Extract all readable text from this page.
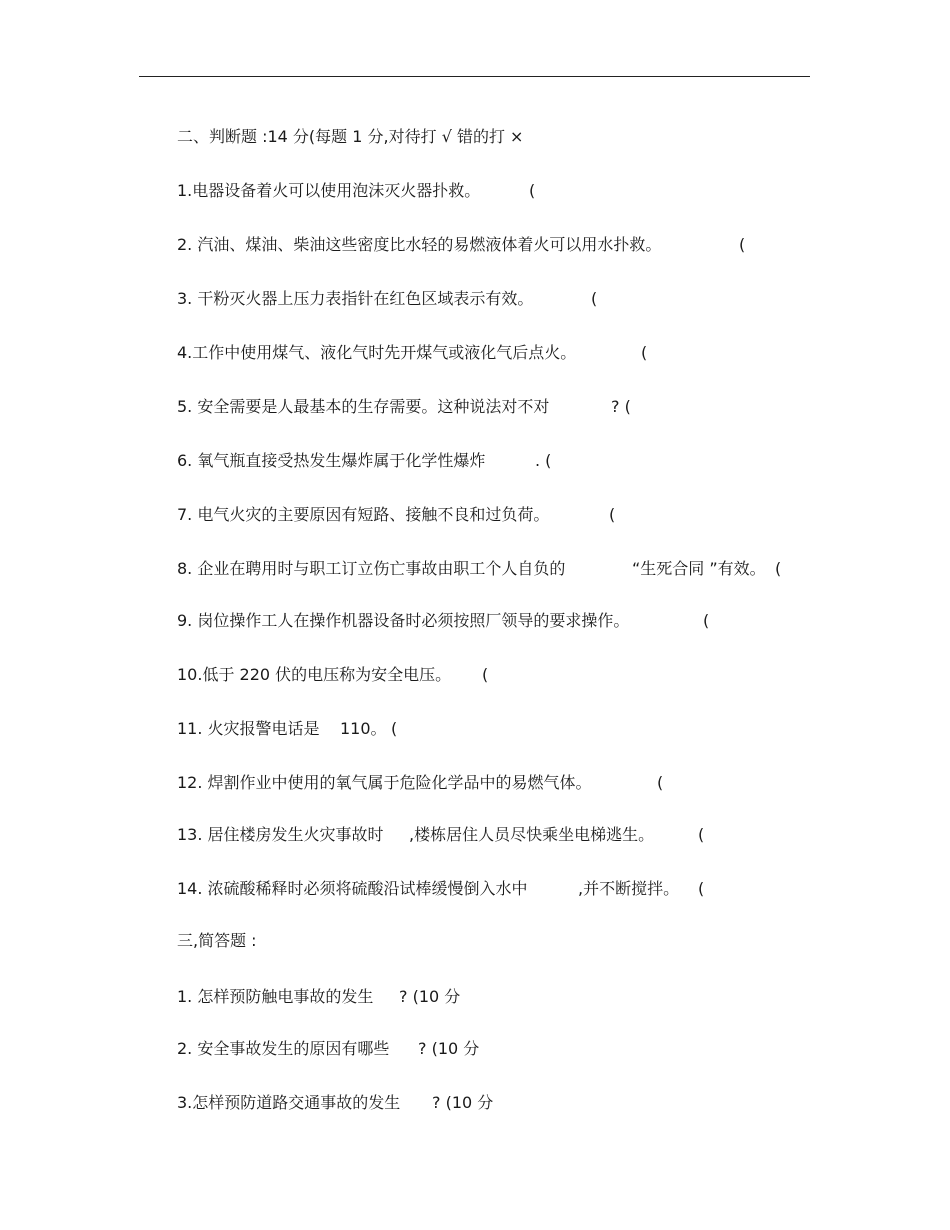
二、判断题 :14 分(每题 1 分,对待打 √ 错的打 ×
1.电器设备着火可以使用泡沫灭火器扑救。	(
2. 汽油、煤油、柴油这些密度比水轻的易燃液体着火可以用水扑救。	(
3. 干粉灭火器上压力表指针在红色区域表示有效。	(
4.工作中使用煤气、液化气时先开煤气或液化气后点火。	(
5. 安全需要是人最基本的生存需要。这种说法对不对	? (
6. 氧气瓶直接受热发生爆炸属于化学性爆炸	. (
7. 电气火灾的主要原因有短路、接触不良和过负荷。	(
8. 企业在聘用时与职工订立伤亡事故由职工个人自负的	“生死合同 ”有效。 (
9. 岗位操作工人在操作机器设备时必须按照厂领导的要求操作。	(
10.低于 220 伏的电压称为安全电压。 (
11. 火灾报警电话是 110。 (
12. 焊割作业中使用的氧气属于危险化学品中的易燃气体。	(
13. 居住楼房发生火灾事故时 ,楼栋居住人员尽快乘坐电梯逃生。	(
14. 浓硫酸稀释时必须将硫酸沿试棒缓慢倒入水中	,并不断搅拌。 (
三,简答题 :
1. 怎样预防触电事故的发生 ? (10 分
2. 安全事故发生的原因有哪些 ? (10 分
3.怎样预防道路交通事故的发生 ? (10 分
